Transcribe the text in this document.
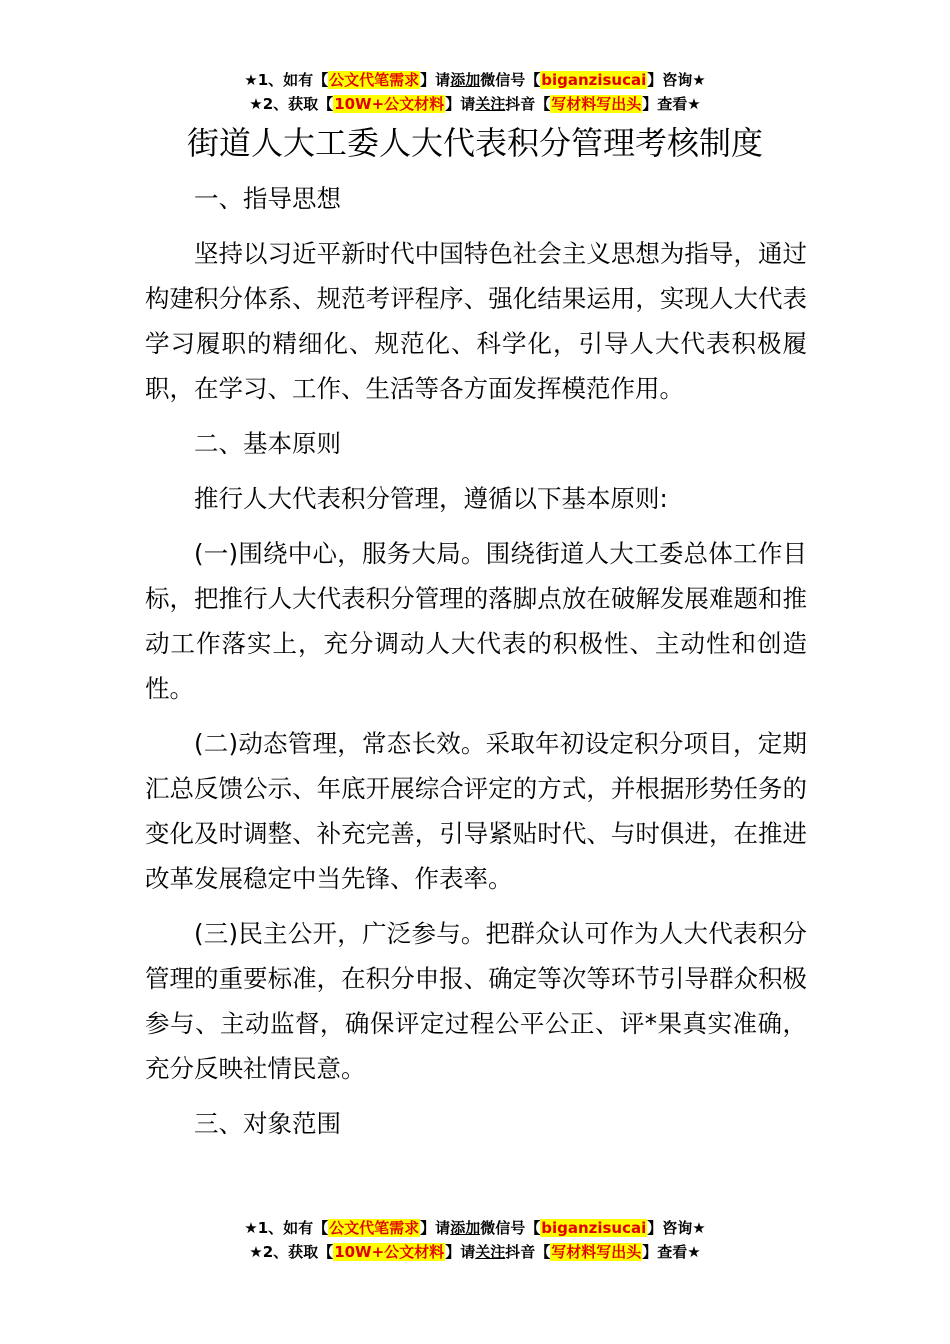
★1、如有【公文代笔需求】请添加微信号【biganzisucai】咨询★
★2、获取【10W+公文材料】请关注抖音【写材料写出头】查看★
街道人大工委人大代表积分管理考核制度
一、指导思想

坚持以习近平新时代中国特色社会主义思想为指导，通过构建积分体系、规范考评程序、强化结果运用，实现人大代表学习履职的精细化、规范化、科学化，引导人大代表积极履职，在学习、工作、生活等各方面发挥模范作用。

二、基本原则

推行人大代表积分管理，遵循以下基本原则:

(一)围绕中心，服务大局。围绕街道人大工委总体工作目标，把推行人大代表积分管理的落脚点放在破解发展难题和推动工作落实上，充分调动人大代表的积极性、主动性和创造性。

(二)动态管理，常态长效。采取年初设定积分项目，定期汇总反馈公示、年底开展综合评定的方式，并根据形势任务的变化及时调整、补充完善，引导紧贴时代、与时俱进，在推进改革发展稳定中当先锋、作表率。

(三)民主公开，广泛参与。把群众认可作为人大代表积分管理的重要标准，在积分申报、确定等次等环节引导群众积极参与、主动监督，确保评定过程公平公正、评*果真实准确，充分反映社情民意。

三、对象范围
★1、如有【公文代笔需求】请添加微信号【biganzisucai】咨询★
★2、获取【10W+公文材料】请关注抖音【写材料写出头】查看★
